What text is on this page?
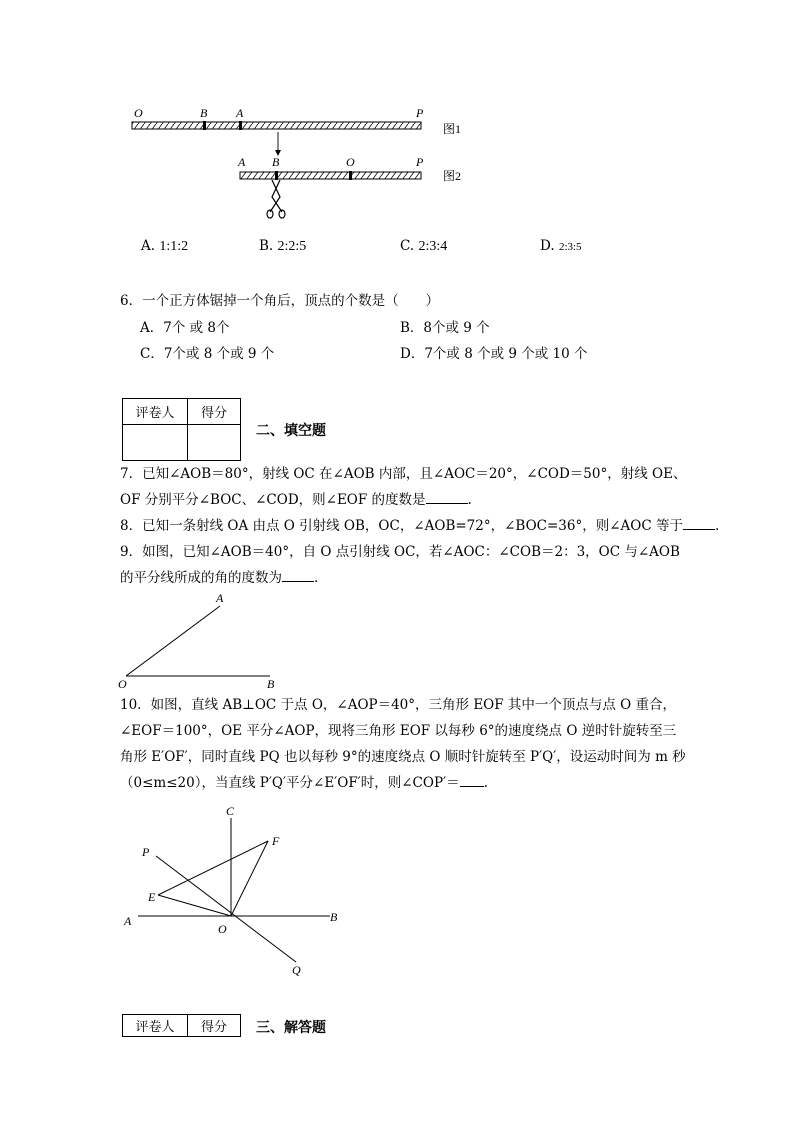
O	B A	P
图1
A B	O	P
图2
A. 1:1:2	B. 2:2:5	C. 2:3:4	D. 2:3:5
6．一个正方体锯掉一个角后，顶点的个数是（　　）
A．7个 或 8个	B．8个或 9 个
C．7个或 8 个或 9 个	D．7个或 8 个或 9 个或 10 个
评卷人	得分

二、填空题
7．已知∠AOB＝80°，射线 OC 在∠AOB 内部，且∠AOC＝20°，∠COD＝50°，射线 OE、
OF 分别平分∠BOC、∠COD，则∠EOF 的度数是	.
8．已知一条射线 OA 由点 O 引射线 OB，OC，∠AOB=72°，∠BOC=36°，则∠AOC 等于 .
9．如图，已知∠AOB＝40°，自 O 点引射线 OC，若∠AOC：∠COB＝2：3，OC 与∠AOB
的平分线所成的角的度数为 .
A
O	B
10．如图，直线 AB⊥OC 于点 O，∠AOP＝40°，三角形 EOF 其中一个顶点与点 O 重合，
∠EOF＝100°，OE 平分∠AOP，现将三角形 EOF 以每秒 6°的速度绕点 O 逆时针旋转至三
角形 E′OF′，同时直线 PQ 也以每秒 9°的速度绕点 O 顺时针旋转至 P′Q′，设运动时间为 m 秒
（0≤m≤20），当直线 P′Q′平分∠E′OF′时，则∠COP′＝ .
C
P
F
E
A
O
B
Q
评卷人	得分 三、解答题
